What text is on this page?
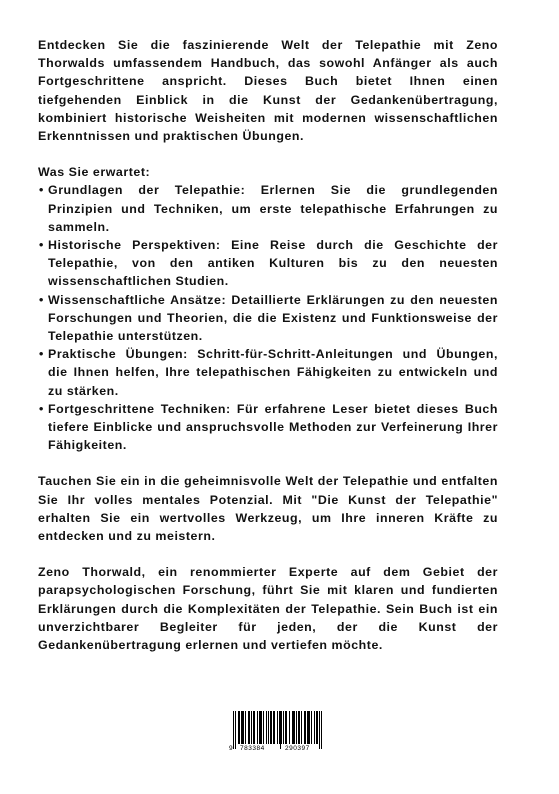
Entdecken Sie die faszinierende Welt der Telepathie mit Zeno Thorwalds umfassendem Handbuch, das sowohl Anfänger als auch Fortgeschrittene anspricht. Dieses Buch bietet Ihnen einen tiefgehenden Einblick in die Kunst der Gedankenübertragung, kombiniert historische Weisheiten mit modernen wissenschaftlichen Erkenntnissen und praktischen Übungen.

Was Sie erwartet:

• Grundlagen der Telepathie: Erlernen Sie die grundlegenden Prinzipien und Techniken, um erste telepathische Erfahrungen zu sammeln.
• Historische Perspektiven: Eine Reise durch die Geschichte der Telepathie, von den antiken Kulturen bis zu den neuesten wissenschaftlichen Studien.
• Wissenschaftliche Ansätze: Detaillierte Erklärungen zu den neuesten Forschungen und Theorien, die die Existenz und Funktionsweise der Telepathie unterstützen.
• Praktische Übungen: Schritt-für-Schritt-Anleitungen und Übungen, die Ihnen helfen, Ihre telepathischen Fähigkeiten zu entwickeln und zu stärken.
• Fortgeschrittene Techniken: Für erfahrene Leser bietet dieses Buch tiefere Einblicke und anspruchsvolle Methoden zur Verfeinerung Ihrer Fähigkeiten.

Tauchen Sie ein in die geheimnisvolle Welt der Telepathie und entfalten Sie Ihr volles mentales Potenzial. Mit "Die Kunst der Telepathie" erhalten Sie ein wertvolles Werkzeug, um Ihre inneren Kräfte zu entdecken und zu meistern.

Zeno Thorwald, ein renommierter Experte auf dem Gebiet der parapsychologischen Forschung, führt Sie mit klaren und fundierten Erklärungen durch die Komplexitäten der Telepathie. Sein Buch ist ein unverzichtbarer Begleiter für jeden, der die Kunst der Gedankenübertragung erlernen und vertiefen möchte.

9 783384	290397
